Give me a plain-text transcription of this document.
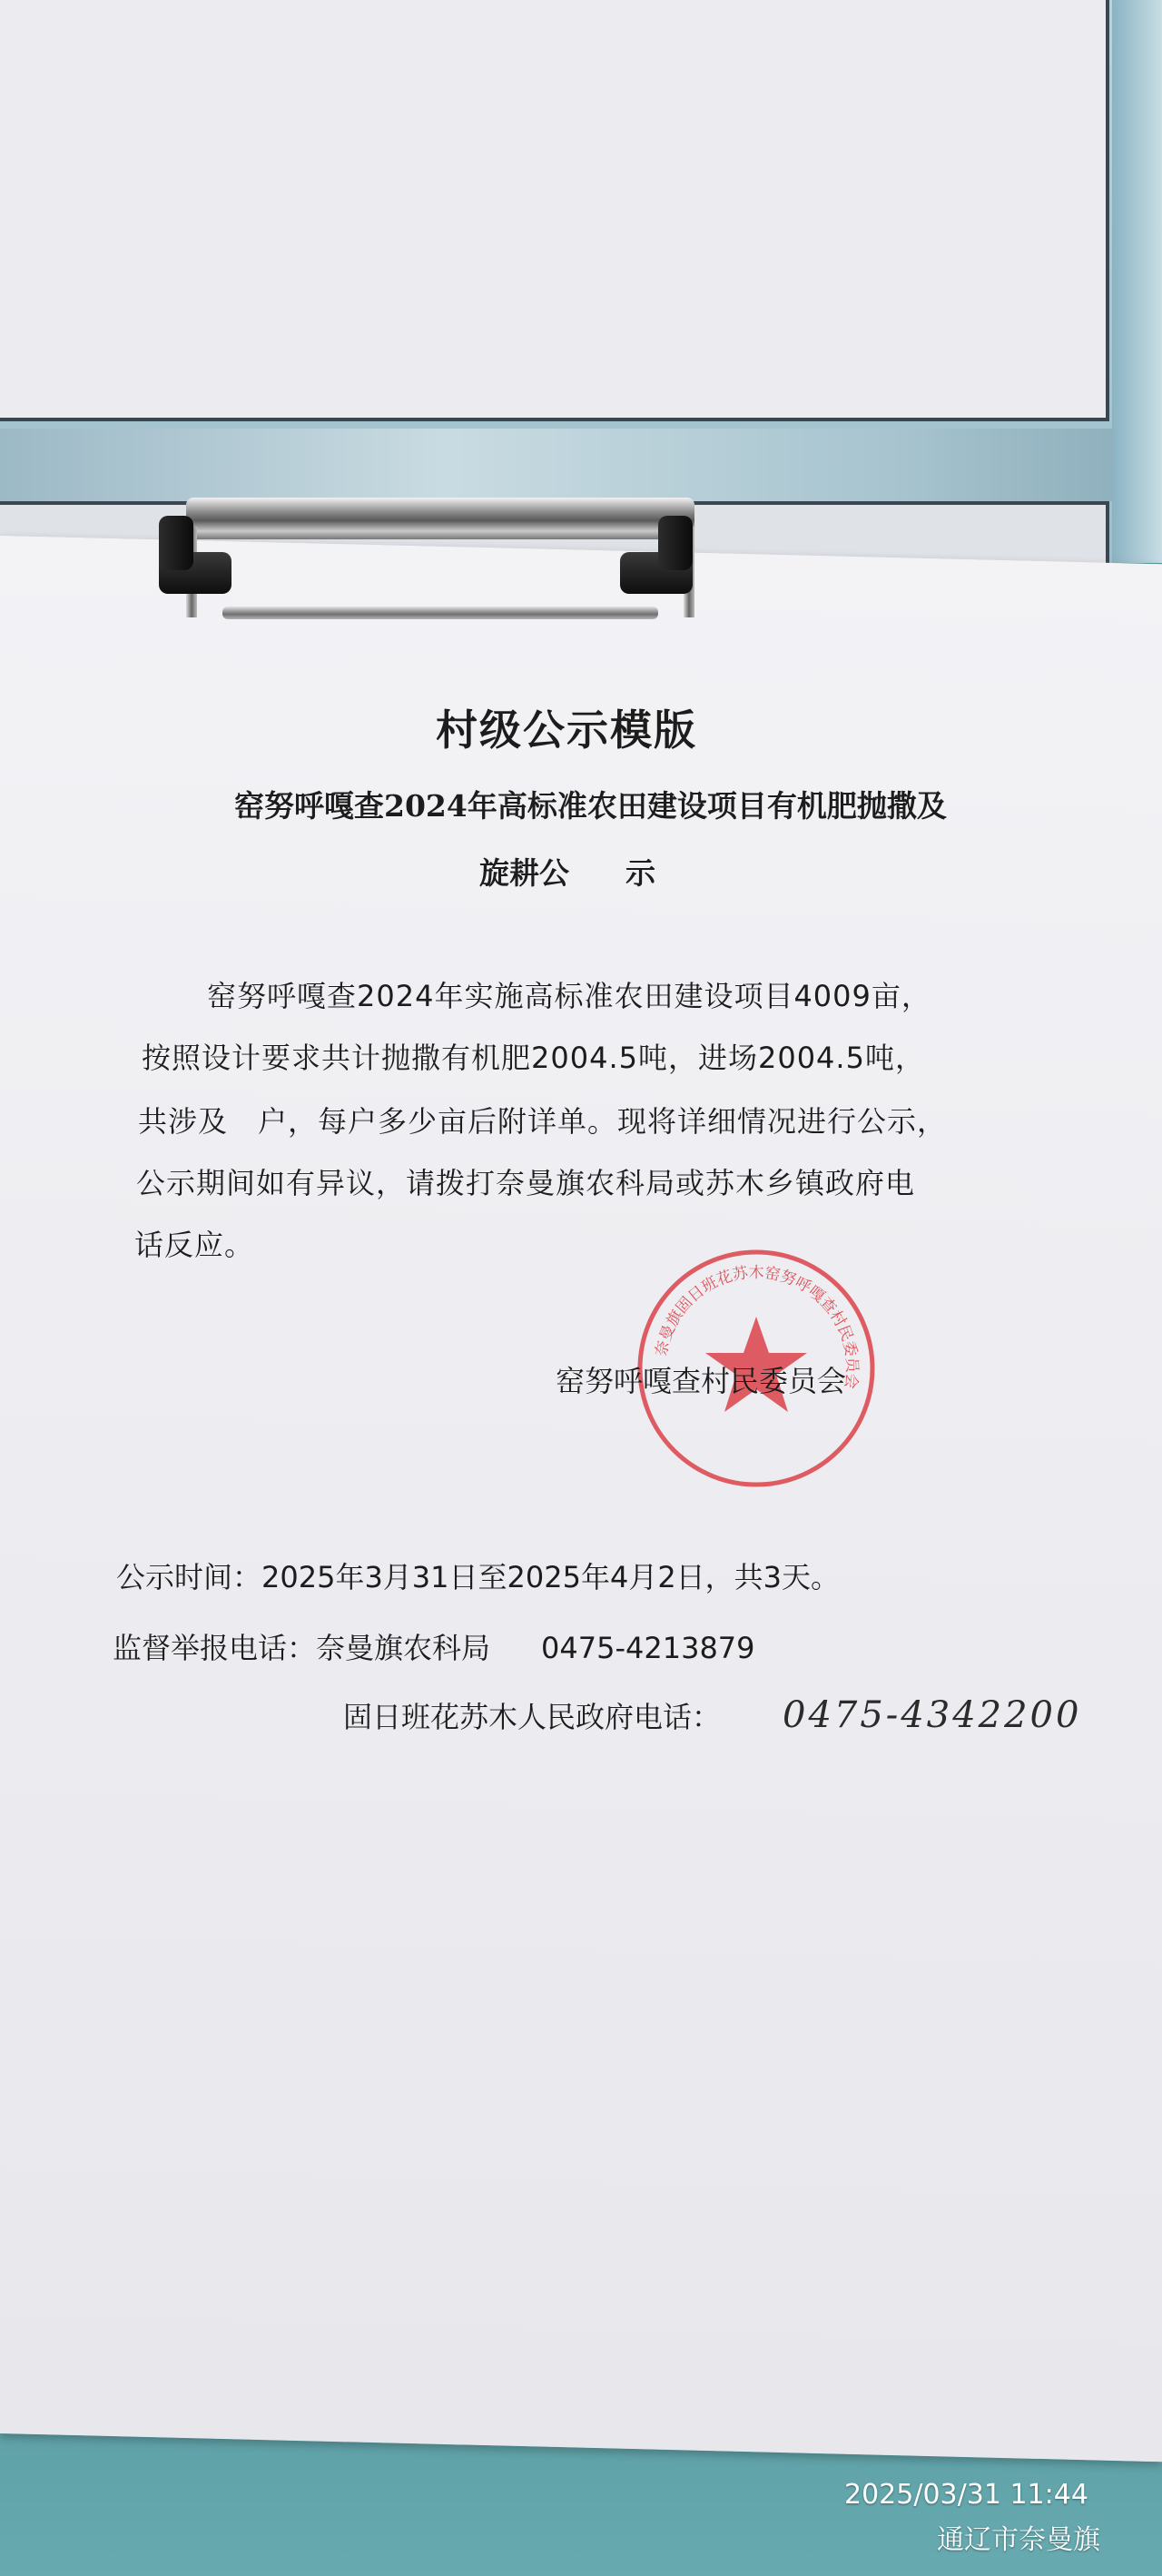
村级公示模版
窑努呼嘎查2024年高标准农田建设项目有机肥抛撒及
旋耕公 示
窑努呼嘎查2024年实施高标准农田建设项目4009亩，
按照设计要求共计抛撒有机肥2004.5吨，进场2004.5吨，
共涉及　户，每户多少亩后附详单。现将详细情况进行公示，
公示期间如有异议，请拨打奈曼旗农科局或苏木乡镇政府电
话反应。
奈曼旗固日班花苏木窑努呼嘎查村民委员会
窑努呼嘎查村民委员会
公示时间：2025年3月31日至2025年4月2日，共3天。
监督举报电话：奈曼旗农科局 0475-4213879
固日班花苏木人民政府电话： 0475-4342200
2025/03/31 11:44
通辽市奈曼旗
